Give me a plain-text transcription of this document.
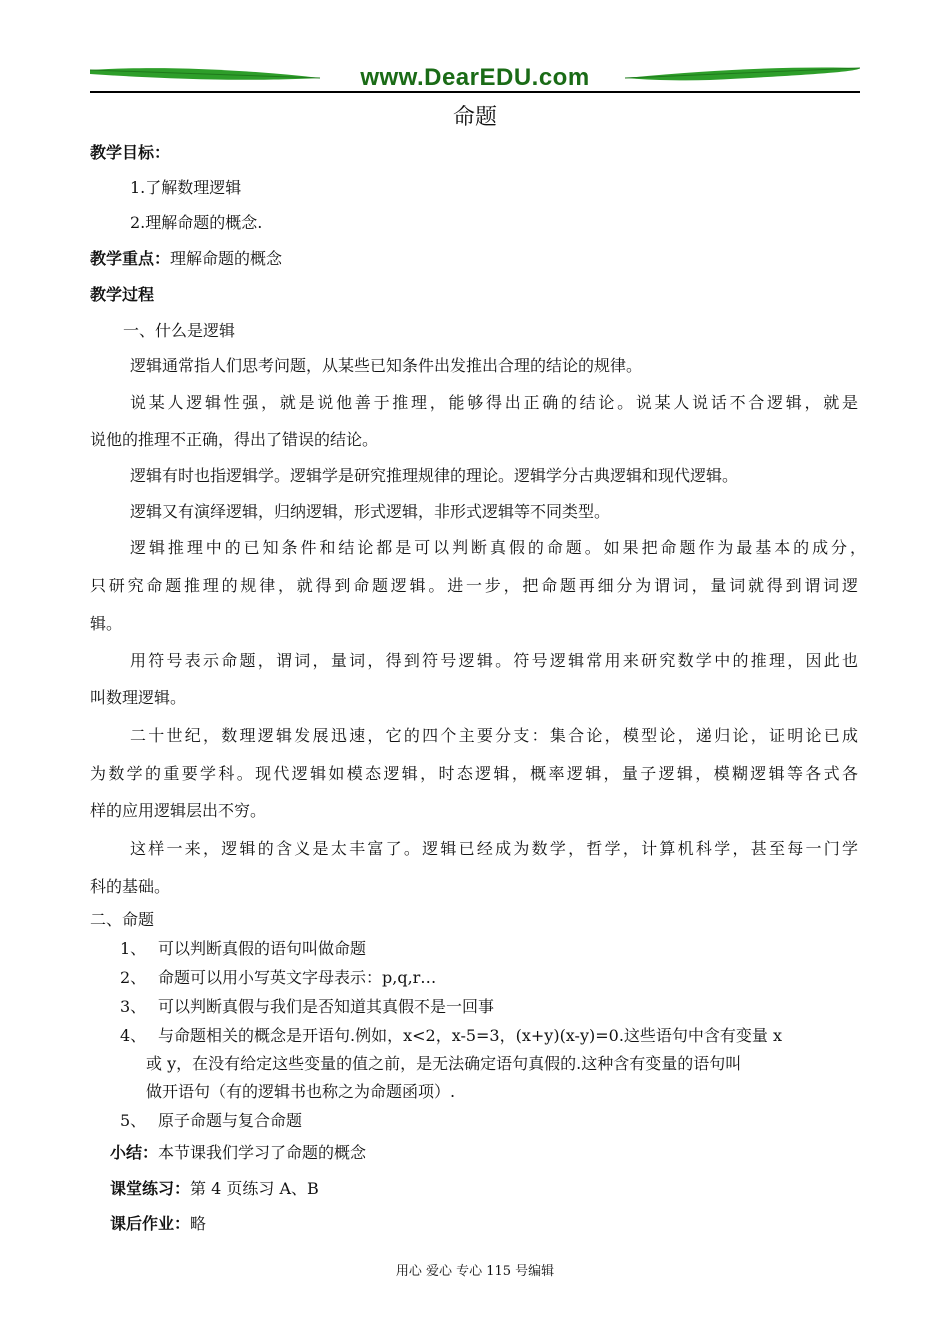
www.DearEDU.com
命题
教学目标：
1.了解数理逻辑
2.理解命题的概念.
教学重点：理解命题的概念
教学过程
一、什么是逻辑
逻辑通常指人们思考问题，从某些已知条件出发推出合理的结论的规律。
说某人逻辑性强，就是说他善于推理，能够得出正确的结论。说某人说话不合逻辑，就是
说他的推理不正确，得出了错误的结论。
逻辑有时也指逻辑学。逻辑学是研究推理规律的理论。逻辑学分古典逻辑和现代逻辑。
逻辑又有演绎逻辑，归纳逻辑，形式逻辑，非形式逻辑等不同类型。
逻辑推理中的已知条件和结论都是可以判断真假的命题。如果把命题作为最基本的成分，
只研究命题推理的规律，就得到命题逻辑。进一步，把命题再细分为谓词，量词就得到谓词逻
辑。
用符号表示命题，谓词，量词，得到符号逻辑。符号逻辑常用来研究数学中的推理，因此也
叫数理逻辑。
二十世纪，数理逻辑发展迅速，它的四个主要分支：集合论，模型论，递归论，证明论已成
为数学的重要学科。现代逻辑如模态逻辑，时态逻辑，概率逻辑，量子逻辑，模糊逻辑等各式各
样的应用逻辑层出不穷。
这样一来，逻辑的含义是太丰富了。逻辑已经成为数学，哲学，计算机科学，甚至每一门学
科的基础。
二、命题
1、 可以判断真假的语句叫做命题
2、 命题可以用小写英文字母表示：p,q,r…
3、 可以判断真假与我们是否知道其真假不是一回事
4、 与命题相关的概念是开语句.例如，x<2，x-5=3，(x+y)(x-y)=0.这些语句中含有变量 x
或 y，在没有给定这些变量的值之前，是无法确定语句真假的.这种含有变量的语句叫
做开语句（有的逻辑书也称之为命题函项）.
5、 原子命题与复合命题
小结：本节课我们学习了命题的概念
课堂练习：第 4 页练习 A、B
课后作业：略
用心 爱心 专心 115 号编辑
